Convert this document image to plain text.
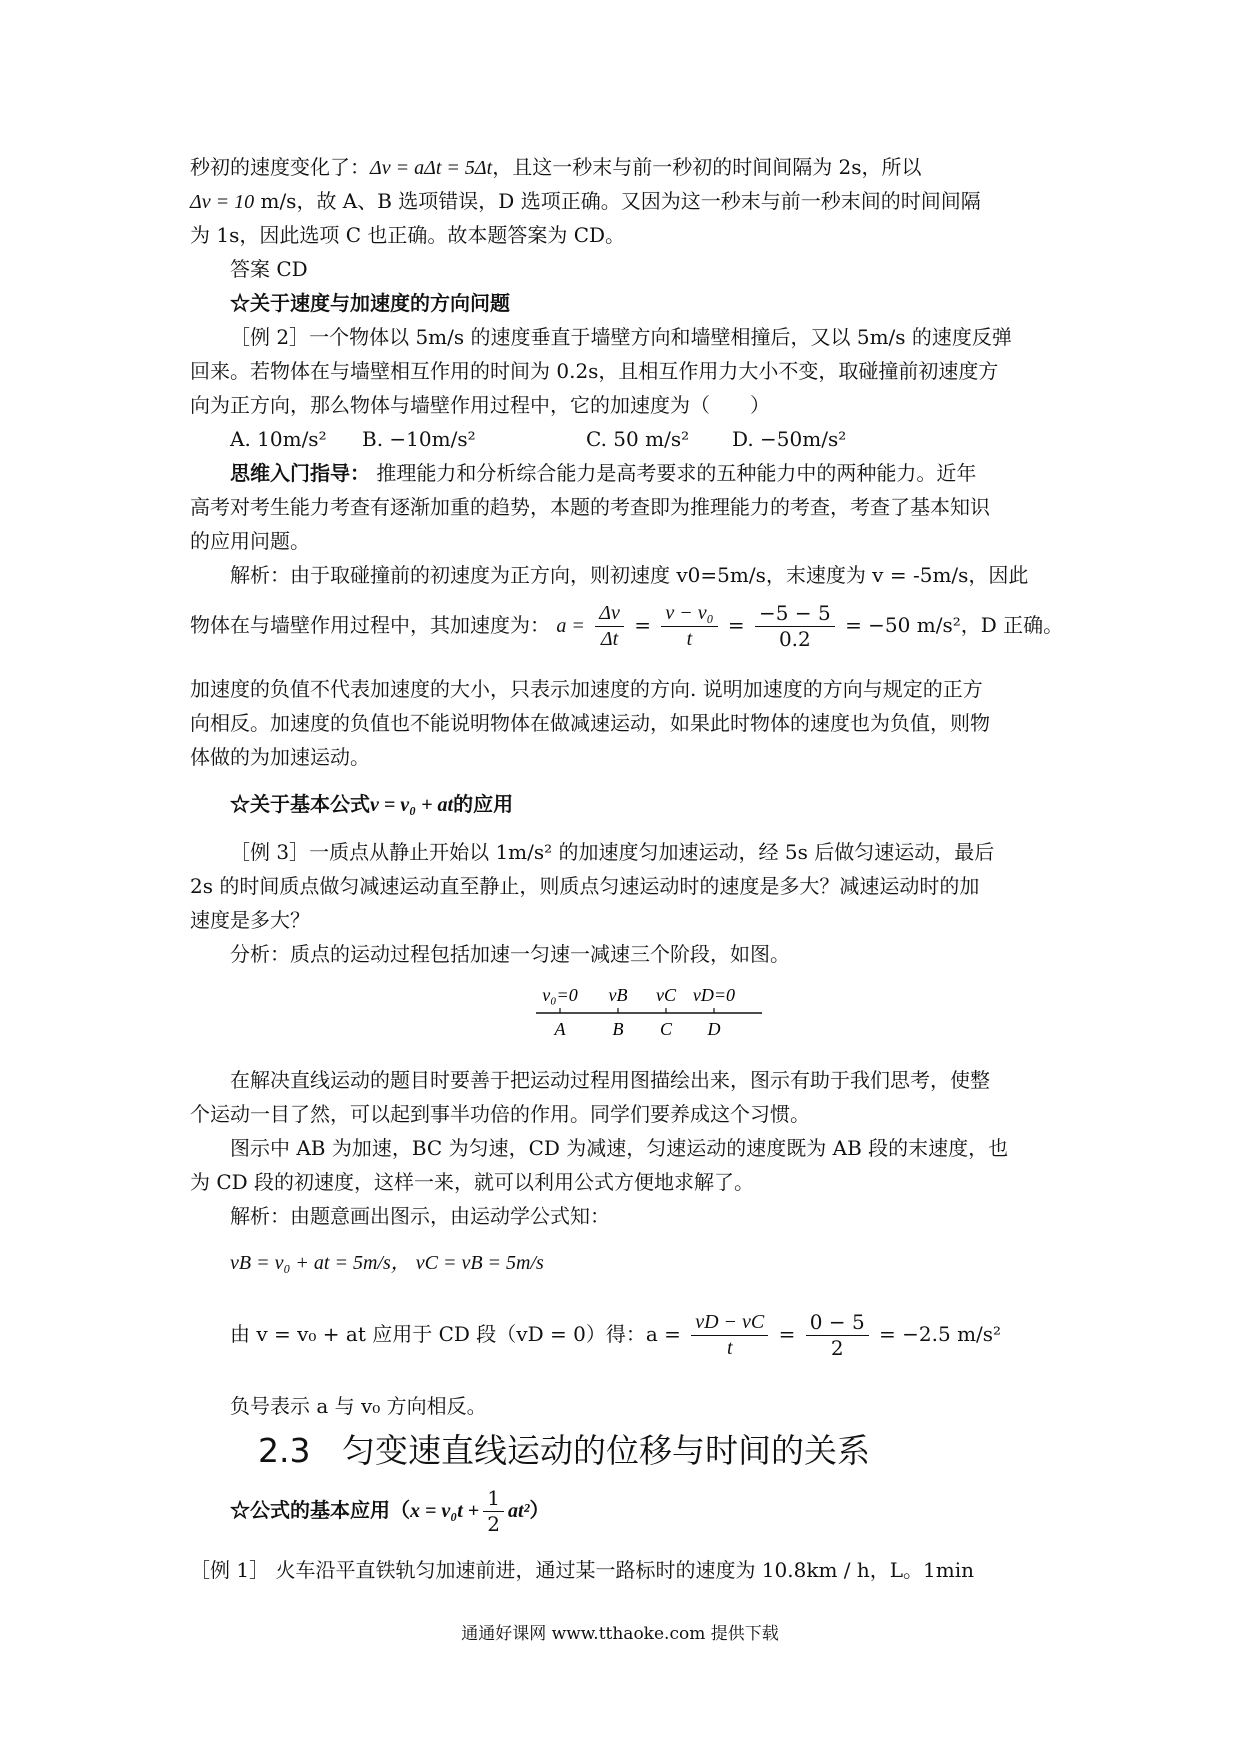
秒初的速度变化了：Δv = aΔt = 5Δt，且这一秒末与前一秒初的时间间隔为 2s，所以
Δv = 10 m/s，故 A、B 选项错误，D 选项正确。又因为这一秒末与前一秒末间的时间间隔
为 1s，因此选项 C 也正确。故本题答案为 CD。
答案 CD
☆关于速度与加速度的方向问题
［例 2］一个物体以 5m/s 的速度垂直于墙壁方向和墙壁相撞后，又以 5m/s 的速度反弹
回来。若物体在与墙壁相互作用的时间为 0.2s，且相互作用力大小不变，取碰撞前初速度方
向为正方向，那么物体与墙壁作用过程中，它的加速度为（　　）
A. 10m/s² B. −10m/s²	C. 50 m/s² D. −50m/s²
思维入门指导： 推理能力和分析综合能力是高考要求的五种能力中的两种能力。近年
高考对考生能力考查有逐渐加重的趋势，本题的考查即为推理能力的考查，考查了基本知识
的应用问题。
解析：由于取碰撞前的初速度为正方向，则初速度 v0=5m/s，末速度为 v = -5m/s，因此
物体在与墙壁作用过程中，其加速度为： $a = \frac{\Delta v}{\Delta t} = \frac{\text{v − v₀}}{t} = \frac{-5 - 5}{0.2} = -50$ m/s²，D 正确。
加速度的负值不代表加速度的大小，只表示加速度的方向. 说明加速度的方向与规定的正方
向相反。加速度的负值也不能说明物体在做减速运动，如果此时物体的速度也为负值，则物
体做的为加速运动。
☆关于基本公式v = v₀ + at的应用
［例 3］一质点从静止开始以 1m/s² 的加速度匀加速运动，经 5s 后做匀速运动，最后
2s 的时间质点做匀减速运动直至静止，则质点匀速运动时的速度是多大？减速运动时的加
速度是多大？
分析：质点的运动过程包括加速一匀速一减速三个阶段，如图。
v₀=0
A
vB
B
vC
C
vD=0
D
在解决直线运动的题目时要善于把运动过程用图描绘出来，图示有助于我们思考，使整
个运动一目了然，可以起到事半功倍的作用。同学们要养成这个习惯。
图示中 AB 为加速，BC 为匀速，CD 为减速，匀速运动的速度既为 AB 段的末速度，也
为 CD 段的初速度，这样一来，就可以利用公式方便地求解了。
解析：由题意画出图示，由运动学公式知：
vB = v₀ + at = 5m/s， vC = vB = 5m/s
由 v = v₀ + at 应用于 CD 段（vD = 0）得：$a = \frac{vD - vC}{t} = \frac{0 - 5}{2} = -2.5$ m/s²
负号表示 a 与 v₀ 方向相反。
2.3 匀变速直线运动的位移与时间的关系
☆公式的基本应用$(x = v_0t + \frac{1}{2} at^2)$
［例 1］ 火车沿平直铁轨匀加速前进，通过某一路标时的速度为 10.8km / h，L。1min
通通好课网 www.tthaoke.com 提供下载
